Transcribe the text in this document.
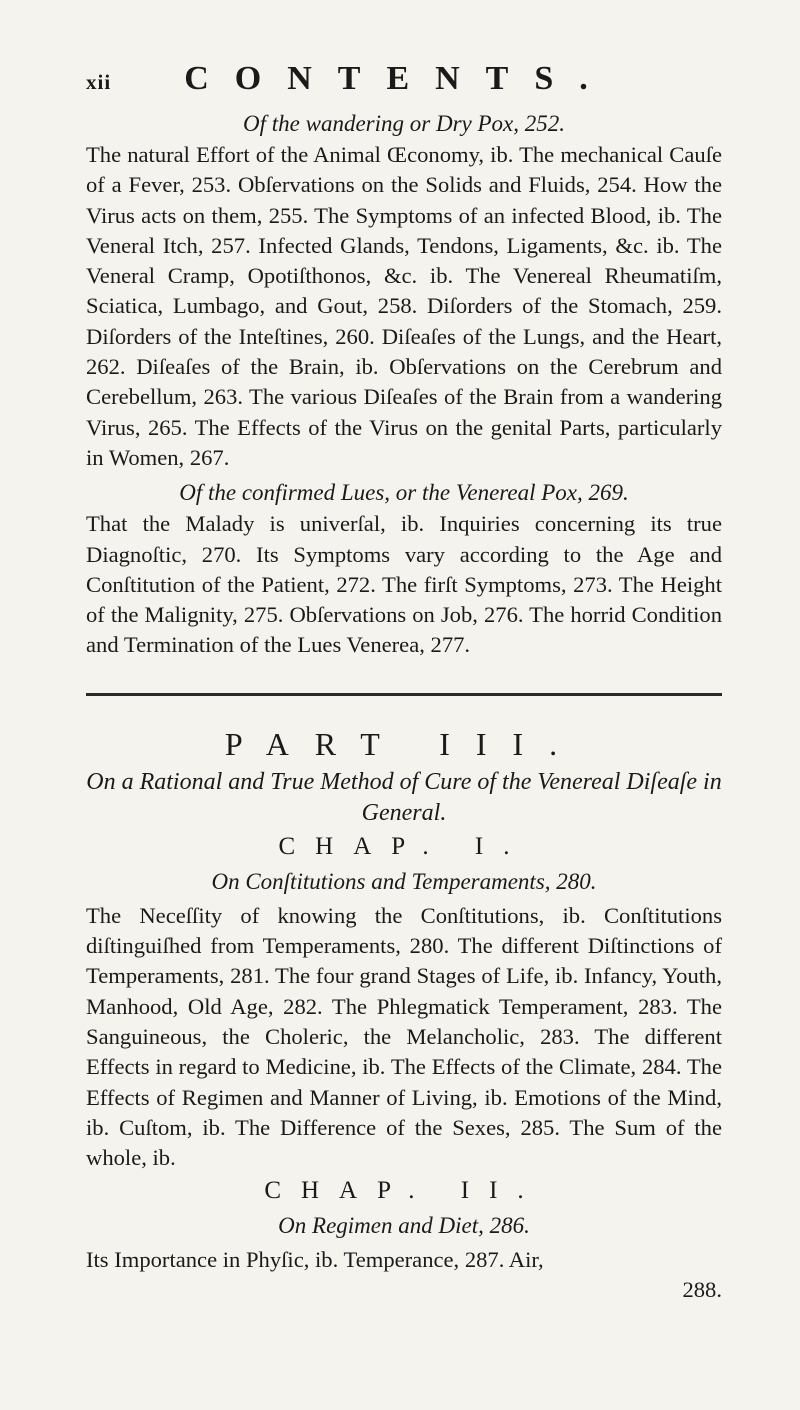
xii	CONTENTS.

Of the wandering or Dry Pox, 252.

The natural Effort of the Animal Œconomy, ib. The mechanical Cauſe of a Fever, 253. Obſervations on the Solids and Fluids, 254. How the Virus acts on them, 255. The Symptoms of an infected Blood, ib. The Veneral Itch, 257. Infected Glands, Tendons, Ligaments, &c. ib. The Veneral Cramp, Opotiſthonos, &c. ib. The Venereal Rheumatiſm, Sciatica, Lumbago, and Gout, 258. Diſorders of the Stomach, 259. Diſorders of the Inteſtines, 260. Diſeaſes of the Lungs, and the Heart, 262. Diſeaſes of the Brain, ib. Obſervations on the Cerebrum and Cerebellum, 263. The various Diſeaſes of the Brain from a wandering Virus, 265. The Effects of the Virus on the genital Parts, particularly in Women, 267.

Of the confirmed Lues, or the Venereal Pox, 269.

That the Malady is univerſal, ib. Inquiries concerning its true Diagnoſtic, 270. Its Symptoms vary according to the Age and Conſtitution of the Patient, 272. The firſt Symptoms, 273. The Height of the Malignity, 275. Obſervations on Job, 276. The horrid Condition and Termination of the Lues Venerea, 277.

PART III.

On a Rational and True Method of Cure of the Venereal Diſeaſe in General.

CHAP. I.

On Conſtitutions and Temperaments, 280.

The Neceſſity of knowing the Conſtitutions, ib. Conſtitutions diſtinguiſhed from Temperaments, 280. The different Diſtinctions of Temperaments, 281. The four grand Stages of Life, ib. Infancy, Youth, Manhood, Old Age, 282. The Phlegmatick Temperament, 283. The Sanguineous, the Choleric, the Melancholic, 283. The different Effects in regard to Medicine, ib. The Effects of the Climate, 284. The Effects of Regimen and Manner of Living, ib. Emotions of the Mind, ib. Cuſtom, ib. The Difference of the Sexes, 285. The Sum of the whole, ib.

CHAP. II.

On Regimen and Diet, 286.

Its Importance in Phyſic, ib. Temperance, 287. Air,

288.
